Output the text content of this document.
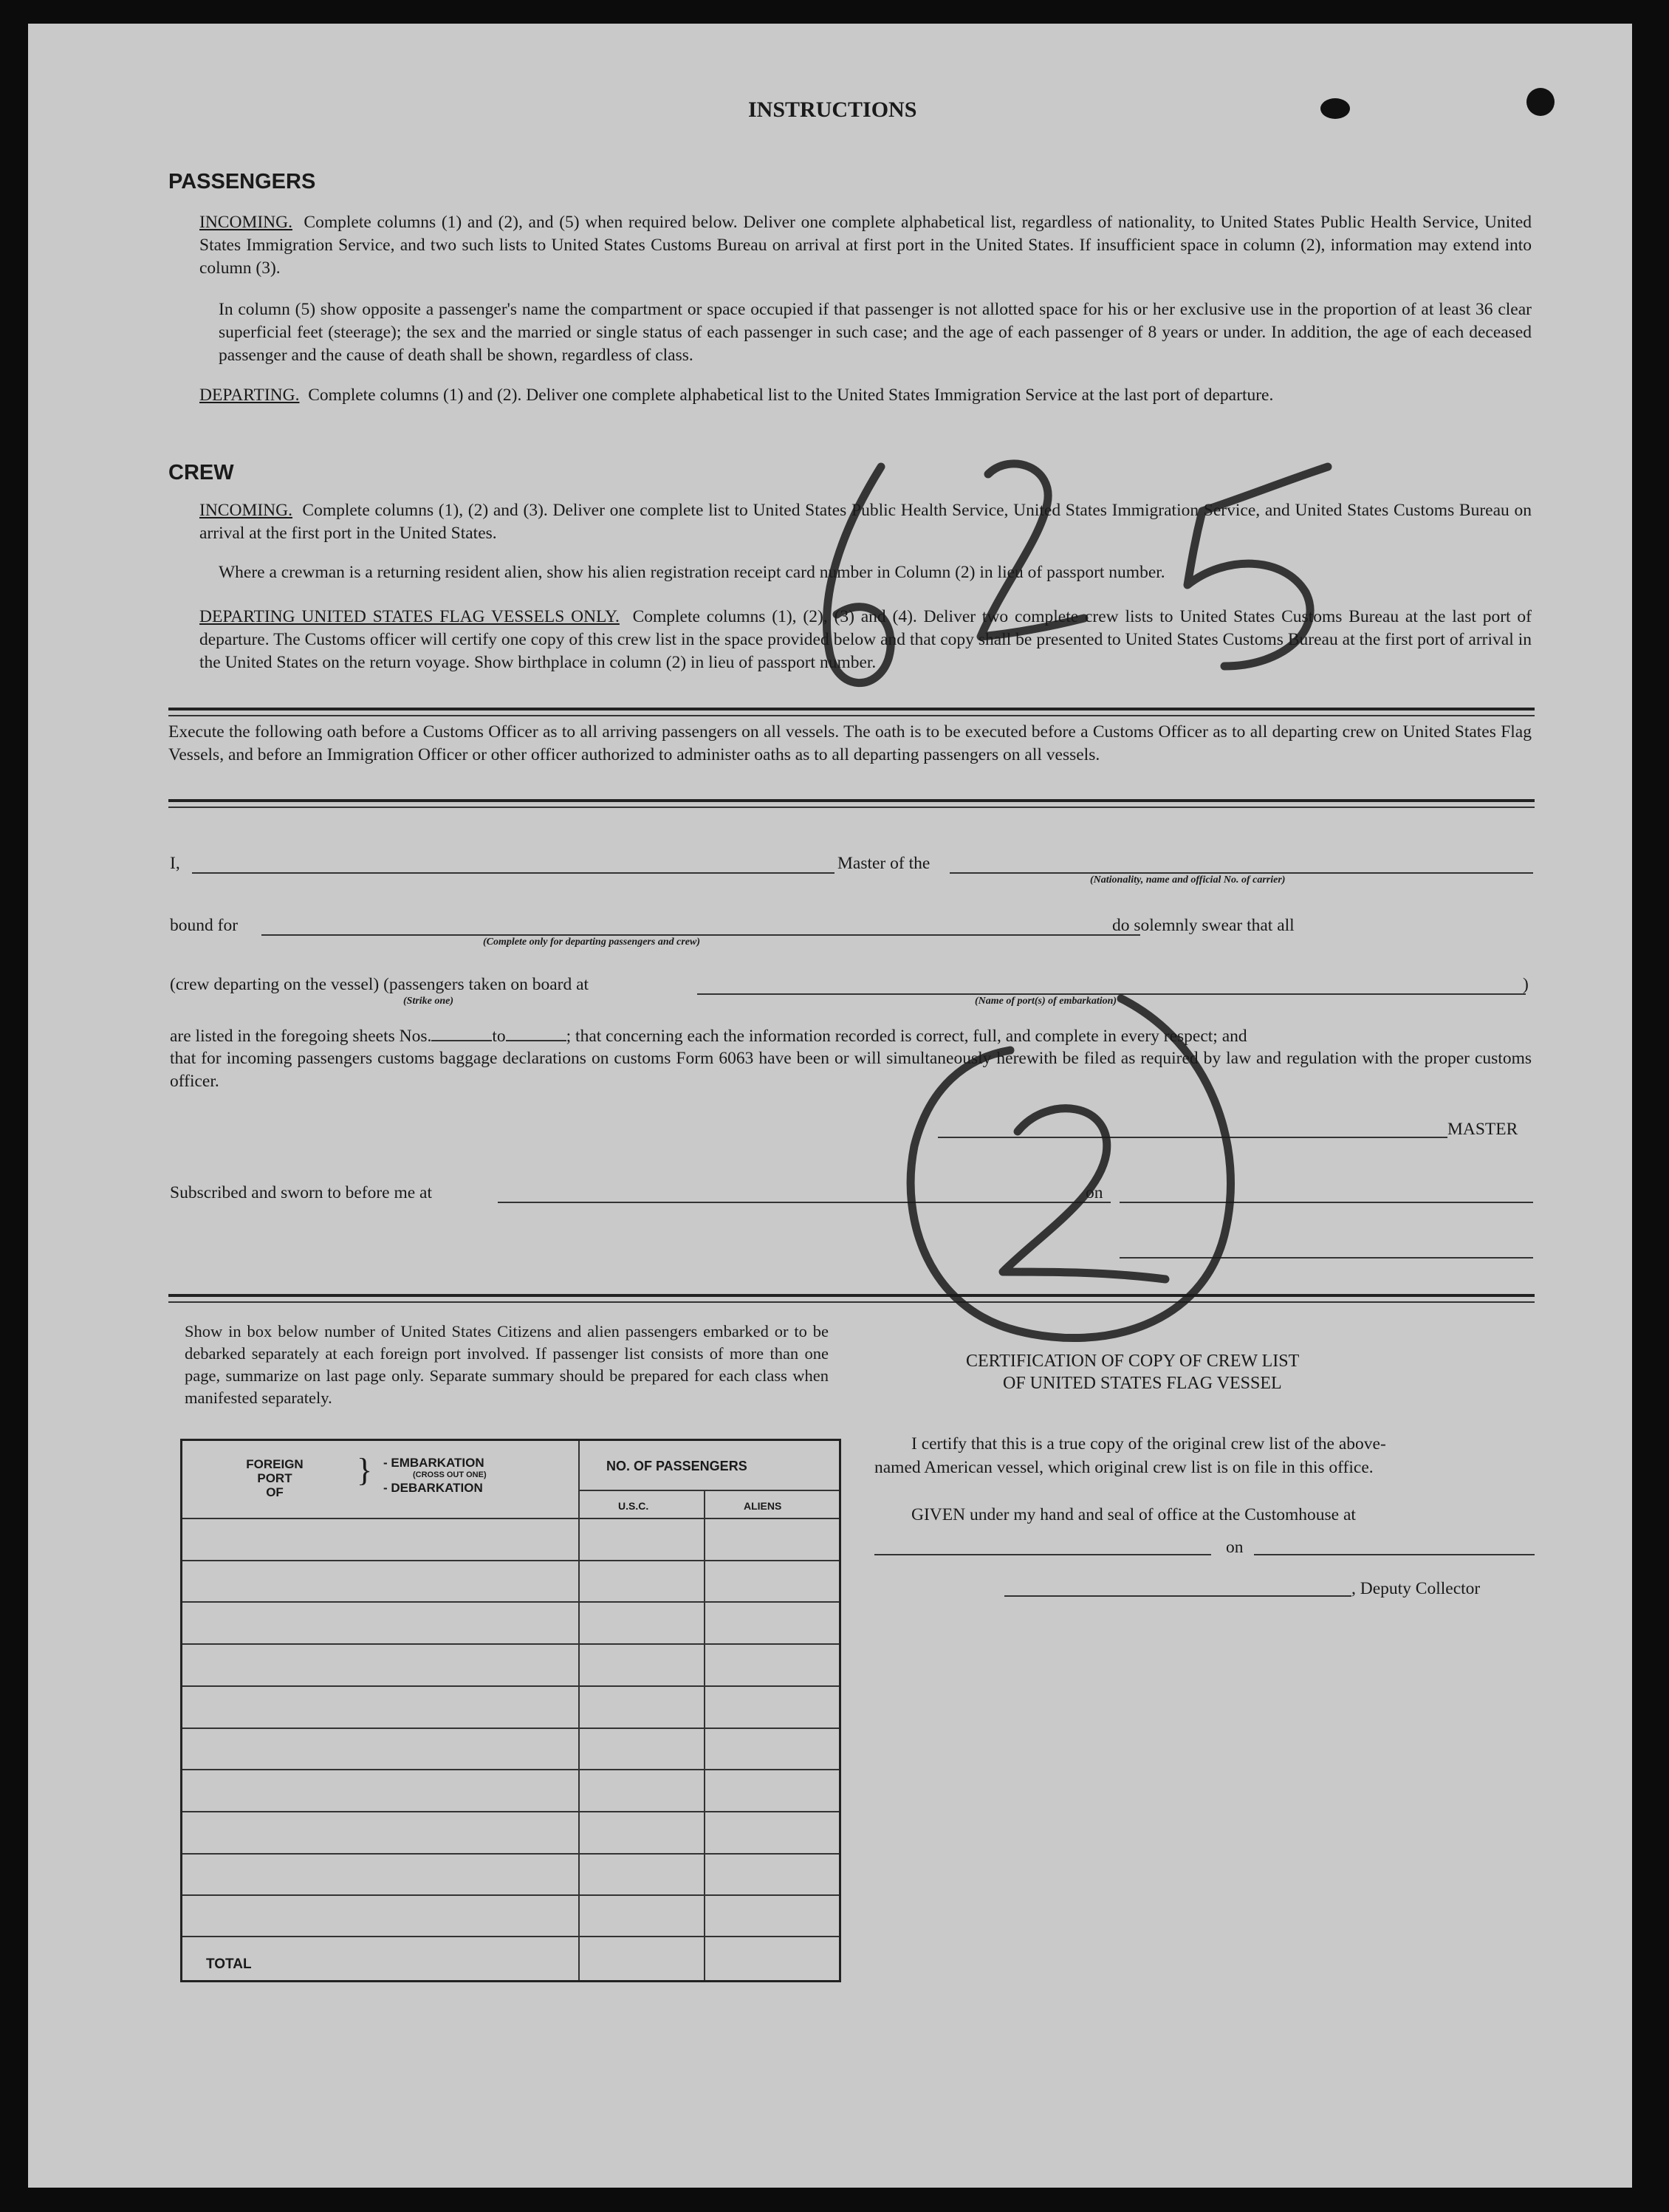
INSTRUCTIONS
PASSENGERS
INCOMING. Complete columns (1) and (2), and (5) when required below. Deliver one complete alphabetical list, regardless of nationality, to United States Public Health Service, United States Immigration Service, and two such lists to United States Customs Bureau on arrival at first port in the United States. If insufficient space in column (2), information may extend into column (3).
In column (5) show opposite a passenger's name the compartment or space occupied if that passenger is not allotted space for his or her exclusive use in the proportion of at least 36 clear superficial feet (steerage); the sex and the married or single status of each passenger in such case; and the age of each passenger of 8 years or under. In addition, the age of each deceased passenger and the cause of death shall be shown, regardless of class.
DEPARTING. Complete columns (1) and (2). Deliver one complete alphabetical list to the United States Immigration Service at the last port of departure.
CREW
INCOMING. Complete columns (1), (2) and (3). Deliver one complete list to United States Public Health Service, United States Immigration Service, and United States Customs Bureau on arrival at the first port in the United States.
Where a crewman is a returning resident alien, show his alien registration receipt card number in Column (2) in lieu of passport number.
DEPARTING UNITED STATES FLAG VESSELS ONLY. Complete columns (1), (2), (3) and (4). Deliver two complete crew lists to United States Customs Bureau at the last port of departure. The Customs officer will certify one copy of this crew list in the space provided below and that copy shall be presented to United States Customs Bureau at the first port of arrival in the United States on the return voyage. Show birthplace in column (2) in lieu of passport number.
Execute the following oath before a Customs Officer as to all arriving passengers on all vessels. The oath is to be executed before a Customs Officer as to all departing crew on United States Flag Vessels, and before an Immigration Officer or other officer authorized to administer oaths as to all departing passengers on all vessels.
I,	Master of the
(Nationality, name and official No. of carrier)
bound for
(Complete only for departing passengers and crew)
do solemnly swear that all
(crew departing on the vessel) (passengers taken on board at	)
(Strike one)	(Name of port(s) of embarkation)
are listed in the foregoing sheets Nos.	to	; that concerning each the information recorded is correct, full, and complete in every respect; and
that for incoming passengers customs baggage declarations on customs Form 6063 have been or will simultaneously herewith be filed as required by law and regulation with the proper customs officer.
MASTER
Subscribed and sworn to before me at	on
Show in box below number of United States Citizens and alien passengers embarked or to be debarked separately at each foreign port involved. If passenger list consists of more than one page, summarize on last page only. Separate summary should be prepared for each class when manifested separately.
FOREIGN
PORT
OF
} - EMBARKATION
(CROSS OUT ONE)
- DEBARKATION
NO. OF PASSENGERS
U.S.C.	ALIENS
TOTAL
CERTIFICATION OF COPY OF CREW LIST
OF UNITED STATES FLAG VESSEL
I certify that this is a true copy of the original crew list of the above-
named American vessel, which original crew list is on file in this office.
GIVEN under my hand and seal of office at the Customhouse at
on
, Deputy Collector
